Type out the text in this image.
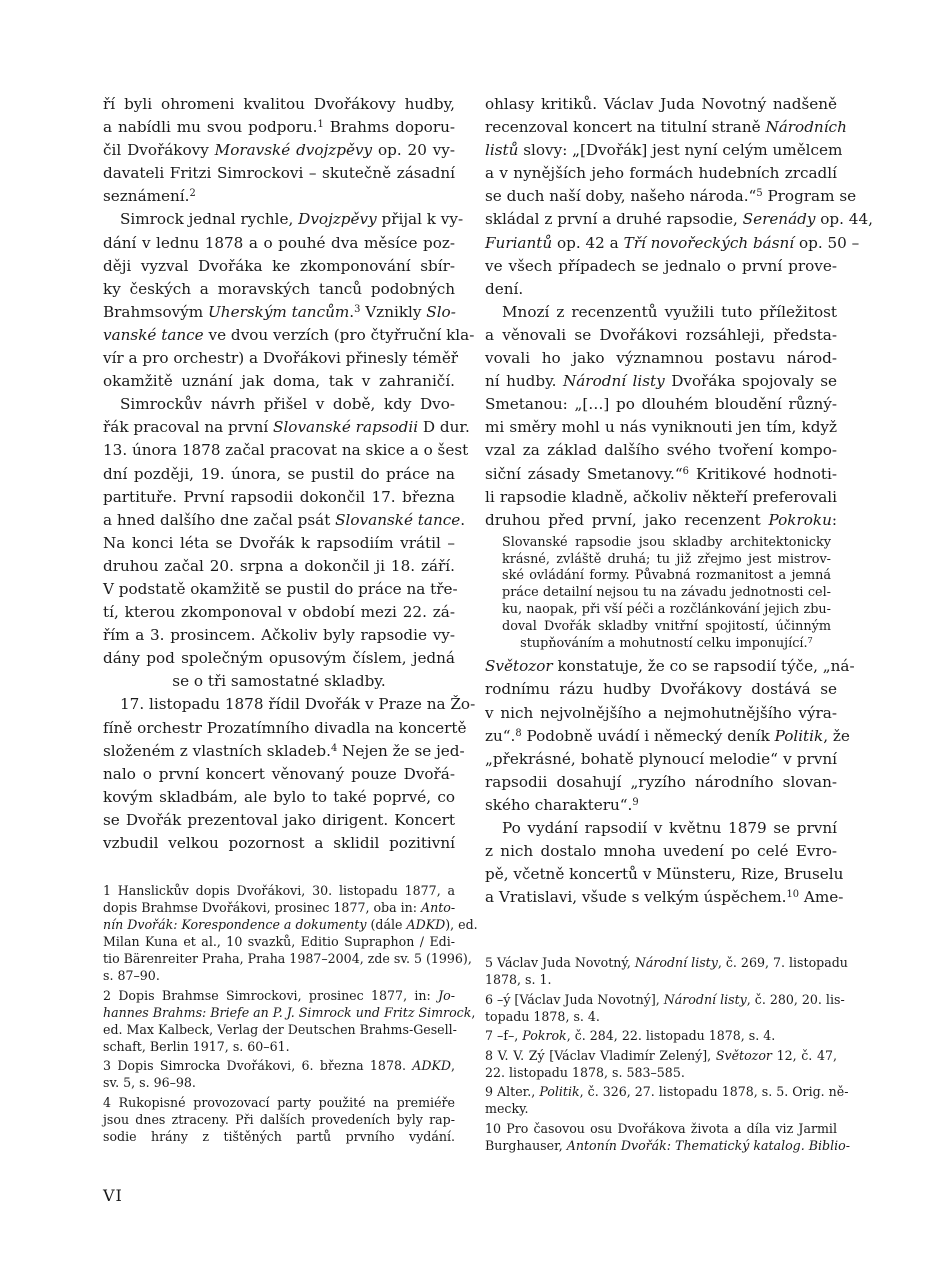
ří byli ohromeni kvalitou Dvořákovy hudby,
a nabídli mu svou podporu.$^1$ Brahms doporu-
čil Dvořákovy Moravské dvojzpěvy op. 20 vy-
davateli Fritzi Simrockovi – skutečně zásadní
seznámení.$^2$
Simrock jednal rychle, Dvojzpěvy přijal k vy-
dání v lednu 1878 a o pouhé dva měsíce poz-
ději vyzval Dvořáka ke zkomponování sbír-
ky českých a moravských tanců podobných
Brahmsovým Uherským tancům.$^3$ Vznikly Slo-
vanské tance ve dvou verzích (pro čtyřruční kla-
vír a pro orchestr) a Dvořákovi přinesly téměř
okamžitě uznání jak doma, tak v zahraničí.
Simrockův návrh přišel v době, kdy Dvo-
řák pracoval na první Slovanské rapsodii D dur.
13. února 1878 začal pracovat na skice a o šest
dní později, 19. února, se pustil do práce na
partituře. První rapsodii dokončil 17. března
a hned dalšího dne začal psát Slovanské tance.
Na konci léta se Dvořák k rapsodiím vrátil –
druhou začal 20. srpna a dokončil ji 18. září.
V podstatě okamžitě se pustil do práce na tře-
tí, kterou zkomponoval v období mezi 22. zá-
řím a 3. prosincem. Ačkoliv byly rapsodie vy-
dány pod společným opusovým číslem, jedná
se o tři samostatné skladby.
17. listopadu 1878 řídil Dvořák v Praze na Žo-
fíně orchestr Prozatímního divadla na koncertě
složeném z vlastních skladeb.$^4$ Nejen že se jed-
nalo o první koncert věnovaný pouze Dvořá-
kovým skladbám, ale bylo to také poprvé, co
se Dvořák prezentoval jako dirigent. Koncert
vzbudil velkou pozornost a sklidil pozitivní
ohlasy kritiků. Václav Juda Novotný nadšeně
recenzoval koncert na titulní straně Národních
listů slovy: „[Dvořák] jest nyní celým umělcem
a v nynějších jeho formách hudebních zrcadlí
se duch naší doby, našeho národa.“$^5$ Program se
skládal z první a druhé rapsodie, Serenády op. 44,
Furiantů op. 42 a Tří novořeckých básní op. 50 –
ve všech případech se jednalo o první prove-
dení.
Mnozí z recenzentů využili tuto příležitost
a věnovali se Dvořákovi rozsáhleji, předsta-
vovali ho jako významnou postavu národ-
ní hudby. Národní listy Dvořáka spojovaly se
Smetanou: „[…] po dlouhém bloudění různý-
mi směry mohl u nás vyniknouti jen tím, když
vzal za základ dalšího svého tvoření kompo-
siční zásady Smetanovy.“$^6$ Kritikové hodnoti-
li rapsodie kladně, ačkoliv někteří preferovali
druhou před první, jako recenzent Pokroku:
Slovanské rapsodie jsou skladby architektonicky
krásné, zvláště druhá; tu již zřejmo jest mistrov-
ské ovládání formy. Půvabná rozmanitost a jemná
práce detailní nejsou tu na závadu jednotnosti cel-
ku, naopak, při vší péči a rozčlánkování jejich zbu-
doval Dvořák skladby vnitřní spojitostí, účinným
stupňováním a mohutností celku imponující.$^7$
Světozor konstatuje, že co se rapsodií týče, „ná-
rodnímu rázu hudby Dvořákovy dostává se
v nich nejvolnějšího a nejmohutnějšího výra-
zu“.$^8$ Podobně uvádí i německý deník Politik, že
„překrásné, bohatě plynoucí melodie“ v první
rapsodii dosahují „ryzího národního slovan-
ského charakteru“.$^9$
Po vydání rapsodií v květnu 1879 se první
z nich dostalo mnoha uvedení po celé Evro-
pě, včetně koncertů v Münsteru, Rize, Bruselu
a Vratislavi, všude s velkým úspěchem.$^{10}$ Ame-
1 Hanslickův dopis Dvořákovi, 30. listopadu 1877, a
dopis Brahmse Dvořákovi, prosinec 1877, oba in: Anto-
nín Dvořák: Korespondence a dokumenty (dále ADKD), ed.
Milan Kuna et al., 10 svazků, Editio Supraphon / Edi-
tio Bärenreiter Praha, Praha 1987–2004, zde sv. 5 (1996),
s. 87–90.
2 Dopis Brahmse Simrockovi, prosinec 1877, in: Jo-
hannes Brahms: Briefe an P. J. Simrock und Fritz Simrock,
ed. Max Kalbeck, Verlag der Deutschen Brahms-Gesell-
schaft, Berlin 1917, s. 60–61.
3 Dopis Simrocka Dvořákovi, 6. března 1878. ADKD,
sv. 5, s. 96–98.
4 Rukopisné provozovací party použité na premiéře
jsou dnes ztraceny. Při dalších provedeních byly rap-
sodie hrány z tištěných partů prvního vydání.
5 Václav Juda Novotný, Národní listy, č. 269, 7. listopadu
1878, s. 1.
6 –ý [Václav Juda Novotný], Národní listy, č. 280, 20. lis-
topadu 1878, s. 4.
7 –f–, Pokrok, č. 284, 22. listopadu 1878, s. 4.
8 V. V. Zý [Václav Vladimír Zelený], Světozor 12, č. 47,
22. listopadu 1878, s. 583–585.
9 Alter., Politik, č. 326, 27. listopadu 1878, s. 5. Orig. ně-
mecky.
10 Pro časovou osu Dvořákova života a díla viz Jarmil
Burghauser, Antonín Dvořák: Thematický katalog. Biblio-
VI
